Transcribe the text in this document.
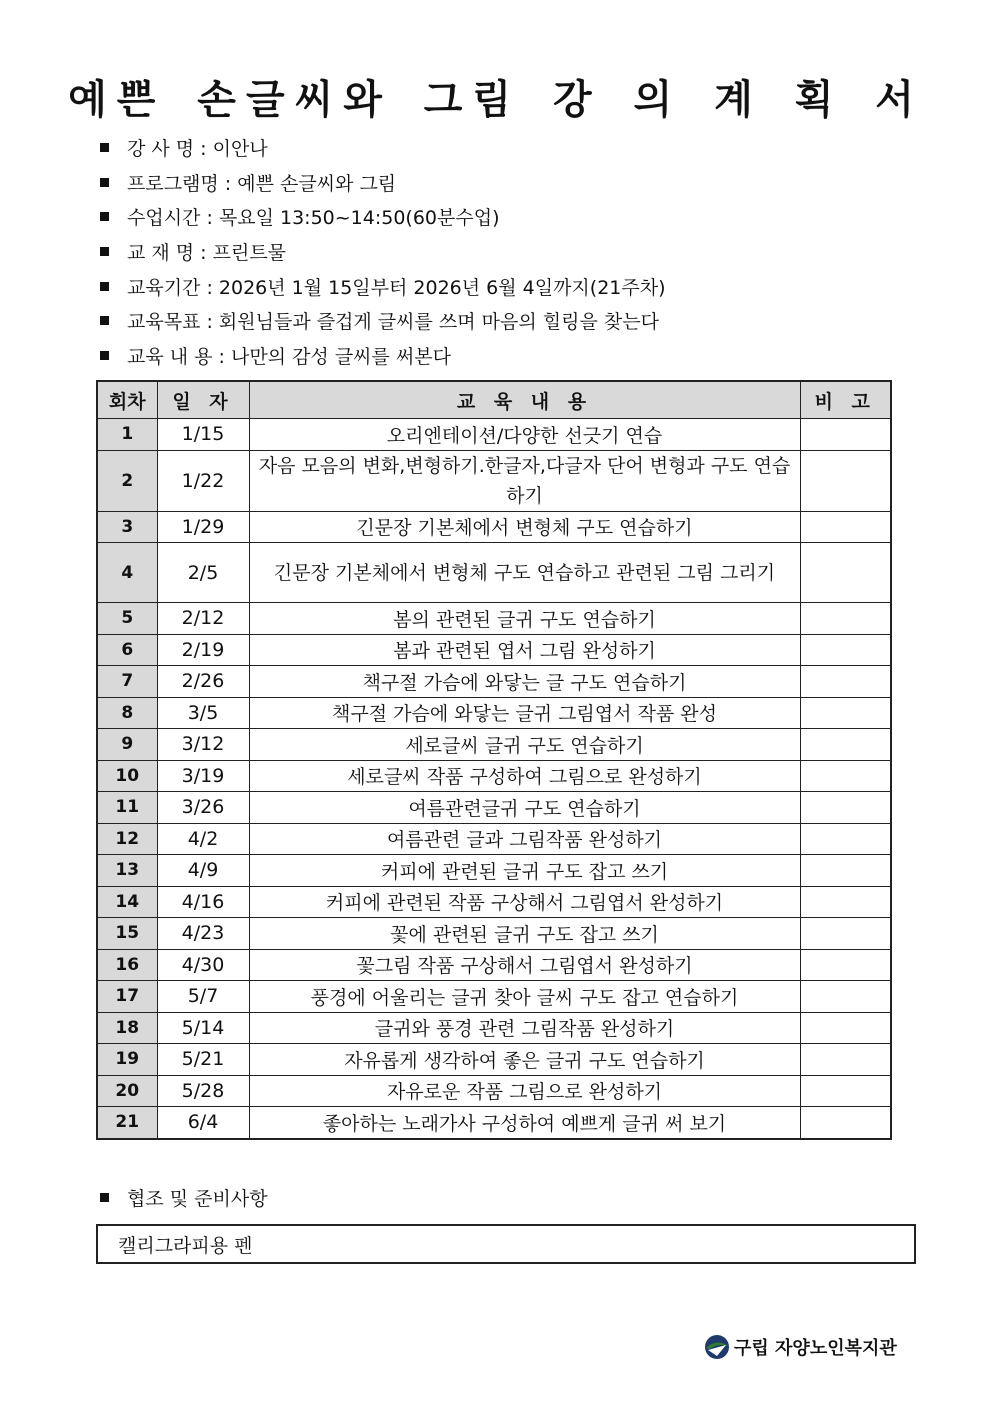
예쁜 손글씨와 그림 강 의 계 획 서
강 사 명 : 이안나
프로그램명 : 예쁜 손글씨와 그림
수업시간 : 목요일 13:50~14:50(60분수업)
교 재 명 : 프린트물
교육기간 : 2026년 1월 15일부터 2026년 6월 4일까지(21주차)
교육목표 : 회원님들과 즐겁게 글씨를 쓰며 마음의 힐링을 찾는다
교육 내 용 : 나만의 감성 글씨를 써본다
회차	일 자	교 육 내 용	비 고
1	1/15	오리엔테이션/다양한 선긋기 연습	
2	1/22	자음 모음의 변화,변형하기.한글자,다글자 단어 변형과 구도 연습하기	
3	1/29	긴문장 기본체에서 변형체 구도 연습하기	
4	2/5	긴문장 기본체에서 변형체 구도 연습하고 관련된 그림 그리기	
5	2/12	봄의 관련된 글귀 구도 연습하기	
6	2/19	봄과 관련된 엽서 그림 완성하기	
7	2/26	책구절 가슴에 와닿는 글 구도 연습하기	
8	3/5	책구절 가슴에 와닿는 글귀 그림엽서 작품 완성	
9	3/12	세로글씨 글귀 구도 연습하기	
10	3/19	세로글씨 작품 구성하여 그림으로 완성하기	
11	3/26	여름관련글귀 구도 연습하기	
12	4/2	여름관련 글과 그림작품 완성하기	
13	4/9	커피에 관련된 글귀 구도 잡고 쓰기	
14	4/16	커피에 관련된 작품 구상해서 그림엽서 완성하기	
15	4/23	꽃에 관련된 글귀 구도 잡고 쓰기	
16	4/30	꽃그림 작품 구상해서 그림엽서 완성하기	
17	5/7	풍경에 어울리는 글귀 찾아 글씨 구도 잡고 연습하기	
18	5/14	글귀와 풍경 관련 그림작품 완성하기	
19	5/21	자유롭게 생각하여 좋은 글귀 구도 연습하기	
20	5/28	자유로운 작품 그림으로 완성하기	
21	6/4	좋아하는 노래가사 구성하여 예쁘게 글귀 써 보기	
협조 및 준비사항
캘리그라피용 펜
구립 자양노인복지관
